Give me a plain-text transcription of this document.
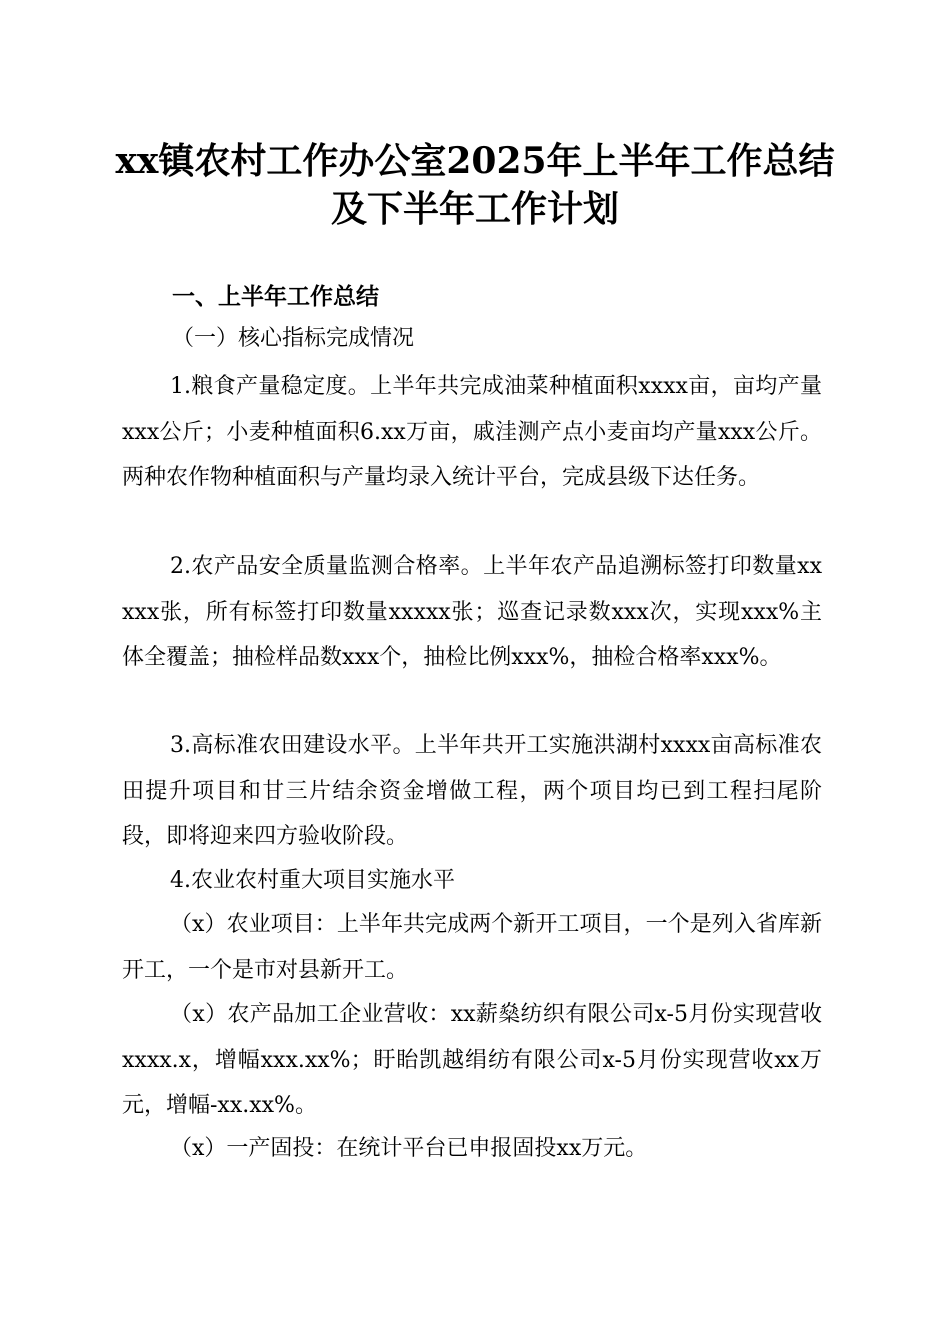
xx镇农村工作办公室2025年上半年工作总结
及下半年工作计划
一、上半年工作总结
（一）核心指标完成情况

1.粮食产量稳定度。上半年共完成油菜种植面积xxxx亩，亩均产量xxx公斤；小麦种植面积6.xx万亩，戚洼测产点小麦亩均产量xxx公斤。两种农作物种植面积与产量均录入统计平台，完成县级下达任务。

2.农产品安全质量监测合格率。上半年农产品追溯标签打印数量xxxxx张，所有标签打印数量xxxxx张；巡查记录数xxx次，实现xxx%主体全覆盖；抽检样品数xxx个，抽检比例xxx%，抽检合格率xxx%。

3.高标准农田建设水平。上半年共开工实施洪湖村xxxx亩高标准农田提升项目和甘三片结余资金增做工程，两个项目均已到工程扫尾阶段，即将迎来四方验收阶段。

4.农业农村重大项目实施水平

（x）农业项目：上半年共完成两个新开工项目，一个是列入省库新开工，一个是市对县新开工。

（x）农产品加工企业营收：xx薪燊纺织有限公司x-5月份实现营收xxxx.x，增幅xxx.xx%；盱眙凯越绢纺有限公司x-5月份实现营收xx万元，增幅-xx.xx%。

（x）一产固投：在统计平台已申报固投xx万元。
